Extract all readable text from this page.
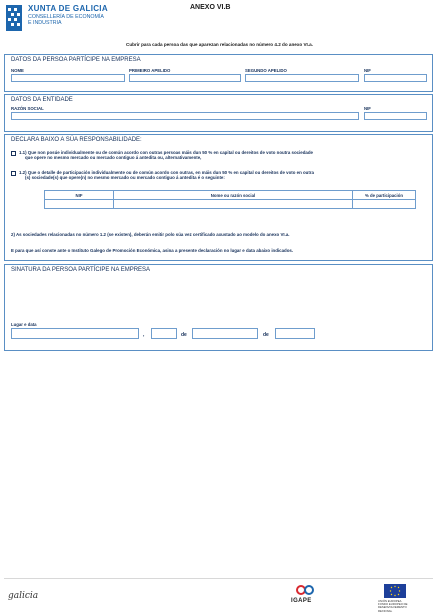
XUNTA DE GALICIA
CONSELLERÍA DE ECONOMÍA
E INDUSTRIA
ANEXO VI.B
Cubrir para cada persoa das que aparezan relacionadas no número 4.2 do anexo VI.a.
DATOS DA PERSOA PARTÍCIPE NA EMPRESA
NOME	PRIMEIRO APELIDO	SEGUNDO APELIDO	NIF
DATOS DA ENTIDADE
RAZÓN SOCIAL	NIF
DECLARA BAIXO A SÚA RESPONSABILIDADE:
1.1) Que non posúe individualmente ou de común acordo con outras persoas máis dun 50 % en capital ou dereitos de voto noutra sociedade
que opere no mesmo mercado ou mercado contiguo á antedita ou, alternativamente,
1.2) Que o detalle de participación individualmente ou de común acordo con outras, en máis dun 50 % en capital ou dereitos de voto en outra
(s) sociedade(s) que opere(n) no mesmo mercado ou mercado contiguo á antedita é o seguinte:
2) As sociedades relacionadas no número 1.2 (se existen), deberán emitir polo súa vez certificado axustado ao modelo do anexo VI.a.
E para que así conste ante o Instituto Galego de Promoción Económica, asina a presente declaración no lugar e data abaixo indicados.
NIF	Nome ou razón social	% de participación

SINATURA DA PERSOA PARTÍCIPE NA EMPRESA
Lugar e data
,	de	de
galicia	IGAPE	UNIÓN EUROPEA
FONDO EUROPEO DE
DESENVOLVEMENTO REXIONAL
